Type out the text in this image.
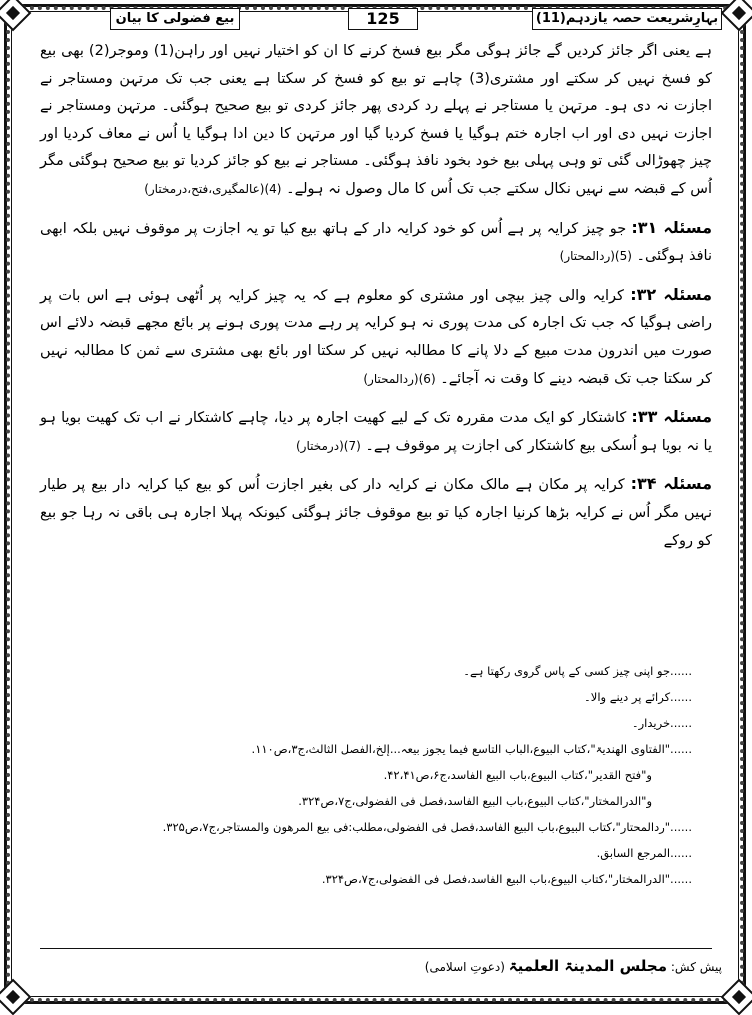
بہارِشریعت حصہ یازدہم(11)
125
بیع فضولی کا بیان

ہے یعنی اگر جائز کردیں گے جائز ہوگی مگر بیع فسخ کرنے کا ان کو اختیار نہیں اور راہن(1) وموجر(2) بھی بیع کو فسخ نہیں کر سکتے اور مشتری(3) چاہے تو بیع کو فسخ کر سکتا ہے یعنی جب تک مرتہن ومستاجر نے اجازت نہ دی ہو۔ مرتہن یا مستاجر نے پہلے رد کردی پھر جائز کردی تو بیع صحیح ہوگئی۔ مرتہن ومستاجر نے اجازت نہیں دی اور اب اجارہ ختم ہوگیا یا فسخ کردیا گیا اور مرتہن کا دین ادا ہوگیا یا اُس نے معاف کردیا اور چیز چھوڑالی گئی تو وہی پہلی بیع خود بخود نافذ ہوگئی۔ مستاجر نے بیع کو جائز کردیا تو بیع صحیح ہوگئی مگر اُس کے قبضہ سے نہیں نکال سکتے جب تک اُس کا مال وصول نہ ہولے۔ (4)(عالمگیری،فتح،درمختار)

مسئلہ ۳۱: جو چیز کرایہ پر ہے اُس کو خود کرایہ دار کے ہاتھ بیع کیا تو یہ اجازت پر موقوف نہیں بلکہ ابھی نافذ ہوگئی۔ (5)(ردالمحتار)

مسئلہ ۳۲: کرایہ والی چیز بیچی اور مشتری کو معلوم ہے کہ یہ چیز کرایہ پر اُٹھی ہوئی ہے اس بات پر راضی ہوگیا کہ جب تک اجارہ کی مدت پوری نہ ہو کرایہ پر رہے مدت پوری ہونے پر بائع مجھے قبضہ دلائے اس صورت میں اندرون مدت مبیع کے دلا پانے کا مطالبہ نہیں کر سکتا اور بائع بھی مشتری سے ثمن کا مطالبہ نہیں کر سکتا جب تک قبضہ دینے کا وقت نہ آجائے۔ (6)(ردالمحتار)

مسئلہ ۳۳: کاشتکار کو ایک مدت مقررہ تک کے لیے کھیت اجارہ پر دیا، چاہے کاشتکار نے اب تک کھیت بویا ہو یا نہ بویا ہو اُسکی بیع کاشتکار کی اجازت پر موقوف ہے۔ (7)(درمختار)

مسئلہ ۳۴: کرایہ پر مکان ہے مالک مکان نے کرایہ دار کی بغیر اجازت اُس کو بیع کیا کرایہ دار بیع پر طیار نہیں مگر اُس نے کرایہ بڑھا کرنیا اجارہ کیا تو بیع موقوف جائز ہوگئی کیونکہ پہلا اجارہ ہی باقی نہ رہا جو بیع کو روکے

......جو اپنی چیز کسی کے پاس گروی رکھتا ہے۔
......کرائے پر دینے والا۔
......خریدار۔
......"الفتاوی الھندیۃ"،کتاب البیوع،الباب التاسع فیما یجوز بیعہ...إلخ،الفصل الثالث،ج۳،ص۱۱۰.
و"فتح القدیر"،کتاب البیوع،باب البیع الفاسد،ج۶،ص۴۲،۴۱.
و"الدرالمختار"،کتاب البیوع،باب البیع الفاسد،فصل فی الفضولی،ج۷،ص۳۲۴.
......"ردالمحتار"،کتاب البیوع،باب البیع الفاسد،فصل فی الفضولی،مطلب:فی بیع المرھون والمستاجر،ج۷،ص۳۲۵.
......المرجع السابق.
......"الدرالمختار"،کتاب البیوع،باب البیع الفاسد،فصل فی الفضولی،ج۷،ص۳۲۴.
پیش کش: مجلس المدینۃ العلمیۃ (دعوتِ اسلامی)
